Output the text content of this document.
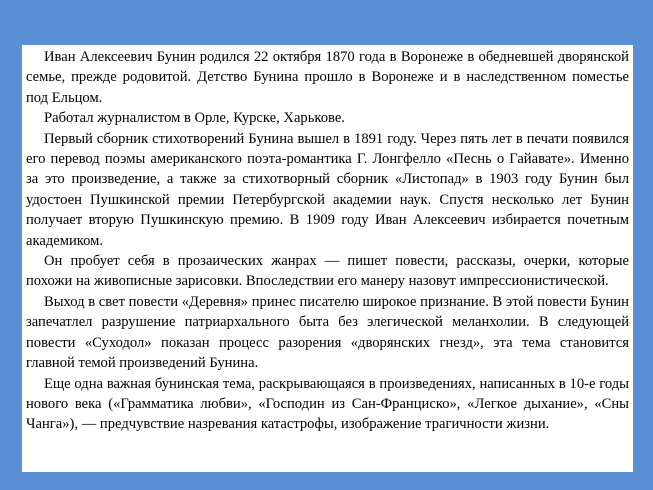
Иван Алексеевич Бунин родился 22 октября 1870 года в Воронеже в обедневшей дворянской семье, прежде родовитой. Детство Бунина прошло в Воронеже и в наследственном поместье под Ельцом.

Работал журналистом в Орле, Курске, Харькове.

Первый сборник стихотворений Бунина вышел в 1891 году. Через пять лет в печати появился его перевод поэмы американского поэта-романтика Г. Лонгфелло «Песнь о Гайавате». Именно за это произведение, а также за стихотворный сборник «Листопад» в 1903 году Бунин был удостоен Пушкинской премии Петербургской академии наук. Спустя несколько лет Бунин получает вторую Пушкинскую премию. В 1909 году Иван Алексеевич избирается почетным академиком.

Он пробует себя в прозаических жанрах — пишет повести, рассказы, очерки, которые похожи на живописные зарисовки. Впоследствии его манеру назовут импрессионистической.

Выход в свет повести «Деревня» принес писателю широкое признание. В этой повести Бунин запечатлел разрушение патриархального быта без элегической меланхолии. В следующей повести «Суходол» показан процесс разорения «дворянских гнезд», эта тема становится главной темой произведений Бунина.

Еще одна важная бунинская тема, раскрывающаяся в произведениях, написанных в 10-е годы нового века («Грамматика любви», «Господин из Сан-Франциско», «Легкое дыхание», «Сны Чанга»), — предчувствие назревания катастрофы, изображение трагичности жизни.
